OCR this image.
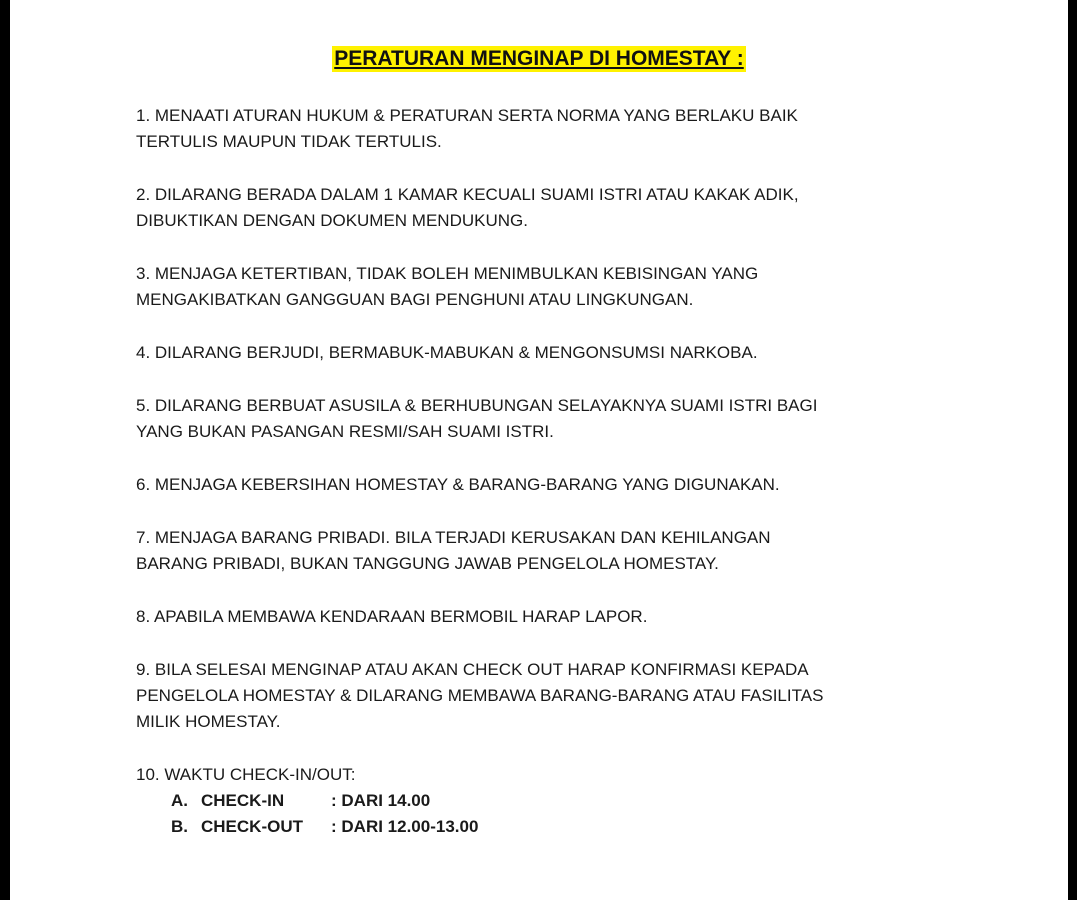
PERATURAN MENGINAP DI HOMESTAY :
1. MENAATI ATURAN HUKUM & PERATURAN SERTA NORMA YANG BERLAKU BAIK
TERTULIS MAUPUN TIDAK TERTULIS.
2. DILARANG BERADA DALAM 1 KAMAR KECUALI SUAMI ISTRI ATAU KAKAK ADIK,
DIBUKTIKAN DENGAN DOKUMEN MENDUKUNG.
3. MENJAGA KETERTIBAN, TIDAK BOLEH MENIMBULKAN KEBISINGAN YANG
MENGAKIBATKAN GANGGUAN BAGI PENGHUNI ATAU LINGKUNGAN.
4. DILARANG BERJUDI, BERMABUK-MABUKAN & MENGONSUMSI NARKOBA.
5. DILARANG BERBUAT ASUSILA & BERHUBUNGAN SELAYAKNYA SUAMI ISTRI BAGI
YANG BUKAN PASANGAN RESMI/SAH SUAMI ISTRI.
6. MENJAGA KEBERSIHAN HOMESTAY & BARANG-BARANG YANG DIGUNAKAN.
7. MENJAGA BARANG PRIBADI. BILA TERJADI KERUSAKAN DAN KEHILANGAN
BARANG PRIBADI, BUKAN TANGGUNG JAWAB PENGELOLA HOMESTAY.
8. APABILA MEMBAWA KENDARAAN BERMOBIL HARAP LAPOR.
9. BILA SELESAI MENGINAP ATAU AKAN CHECK OUT HARAP KONFIRMASI KEPADA
PENGELOLA HOMESTAY & DILARANG MEMBAWA BARANG-BARANG ATAU FASILITAS
MILIK HOMESTAY.
10. WAKTU CHECK-IN/OUT:
A. CHECK-IN	: DARI 14.00
B. CHECK-OUT	: DARI 12.00-13.00
